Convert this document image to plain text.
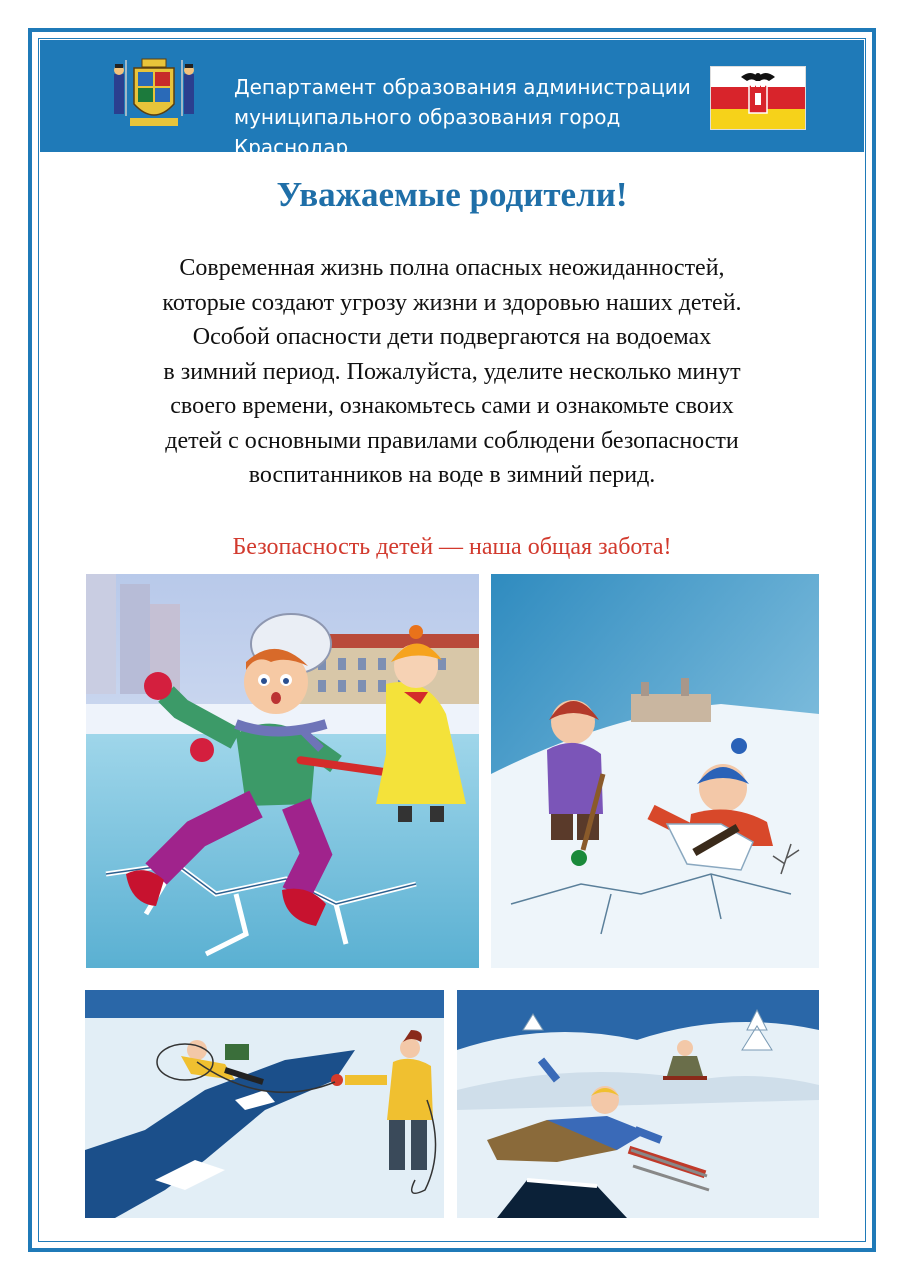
Департамент образования администрации
муниципального образования город Краснодар
Уважаемые родители!
Современная жизнь полна опасных неожиданностей,
которые создают угрозу жизни и здоровью наших детей.
Особой опасности дети подвергаются на водоемах
в зимний период. Пожалуйста, уделите несколько минут
своего времени, ознакомьтесь сами и ознакомьте своих
детей с основными правилами соблюдени безопасности
воспитанников на воде в зимний перид.
Безопасность детей — наша общая забота!
